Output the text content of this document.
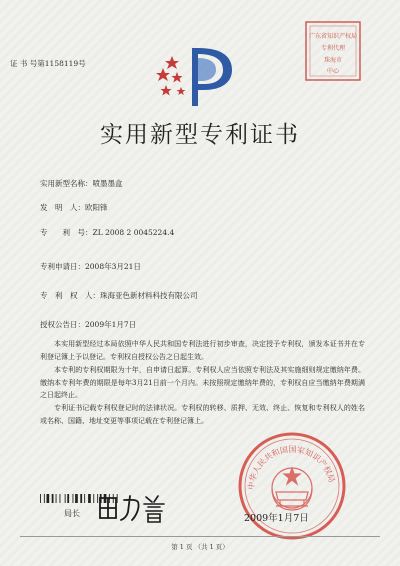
证 书 号第1158119号
广东省知识产权局
专利代理
珠海市
中心
实用新型专利证书
实用新型名称：喷墨墨盒
发　明　人：欧阳锋
专　　利　号：ZL 2008 2 0045224.4
专利申请日：2008年3月21日
专　利　权　人：珠海亚色新材料科技有限公司
授权公告日：2009年1月7日
本实用新型经过本局依照中华人民共和国专利法进行初步审查，决定授予专利权，颁发本证书并在专利登记簿上予以登记。专利权自授权公告之日起生效。
本专利的专利权期限为十年，自申请日起算。专利权人应当依照专利法及其实施细则规定缴纳年费。缴纳本专利年费的期限是每年3月21日前一个月内。未按照规定缴纳年费的，专利权自应当缴纳年费期满之日起终止。
专利证书记载专利权登记时的法律状况。专利权的转移、质押、无效、终止、恢复和专利权人的姓名或名称、国籍、地址变更等事项记载在专利登记簿上。
局长
中华人民共和国国家知识产权局
2009年1月7日
第 1 页 （共 1 页）
